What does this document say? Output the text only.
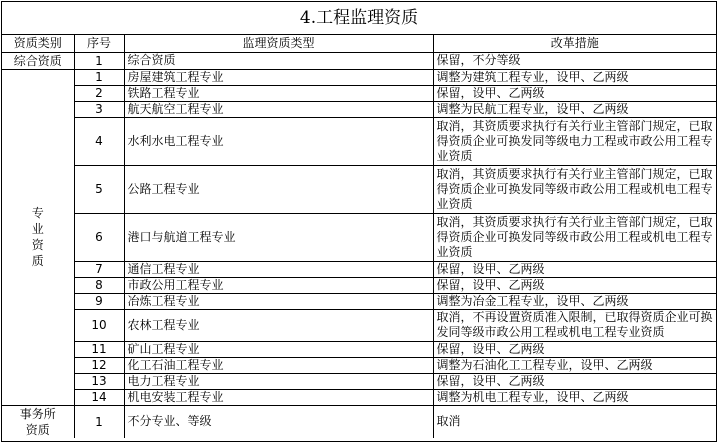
4.工程监理资质
资质类别	序号	监理资质类型	改革措施
综合资质	1	综合资质	保留，不分等级
专
业
资
质	1	房屋建筑工程专业	调整为建筑工程专业，设甲、乙两级
	2	铁路工程专业	保留，设甲、乙两级
	3	航天航空工程专业	调整为民航工程专业，设甲、乙两级
	4	水利水电工程专业	取消，其资质要求执行有关行业主管部门规定，已取得资质企业可换发同等级电力工程或市政公用工程专业资质
	5	公路工程专业	取消，其资质要求执行有关行业主管部门规定，已取得资质企业可换发同等级市政公用工程或机电工程专业资质
	6	港口与航道工程专业	取消，其资质要求执行有关行业主管部门规定，已取得资质企业可换发同等级市政公用工程或机电工程专业资质
	7	通信工程专业	保留，设甲、乙两级
	8	市政公用工程专业	保留，设甲、乙两级
	9	冶炼工程专业	调整为冶金工程专业，设甲、乙两级
	10	农林工程专业	取消，不再设置资质准入限制，已取得资质企业可换发同等级市政公用工程或机电工程专业资质
	11	矿山工程专业	保留，设甲、乙两级
	12	化工石油工程专业	调整为石油化工工程专业，设甲、乙两级
	13	电力工程专业	保留，设甲、乙两级
	14	机电安装工程专业	调整为机电工程专业，设甲、乙两级
事务所
资质	1	不分专业、等级	取消
